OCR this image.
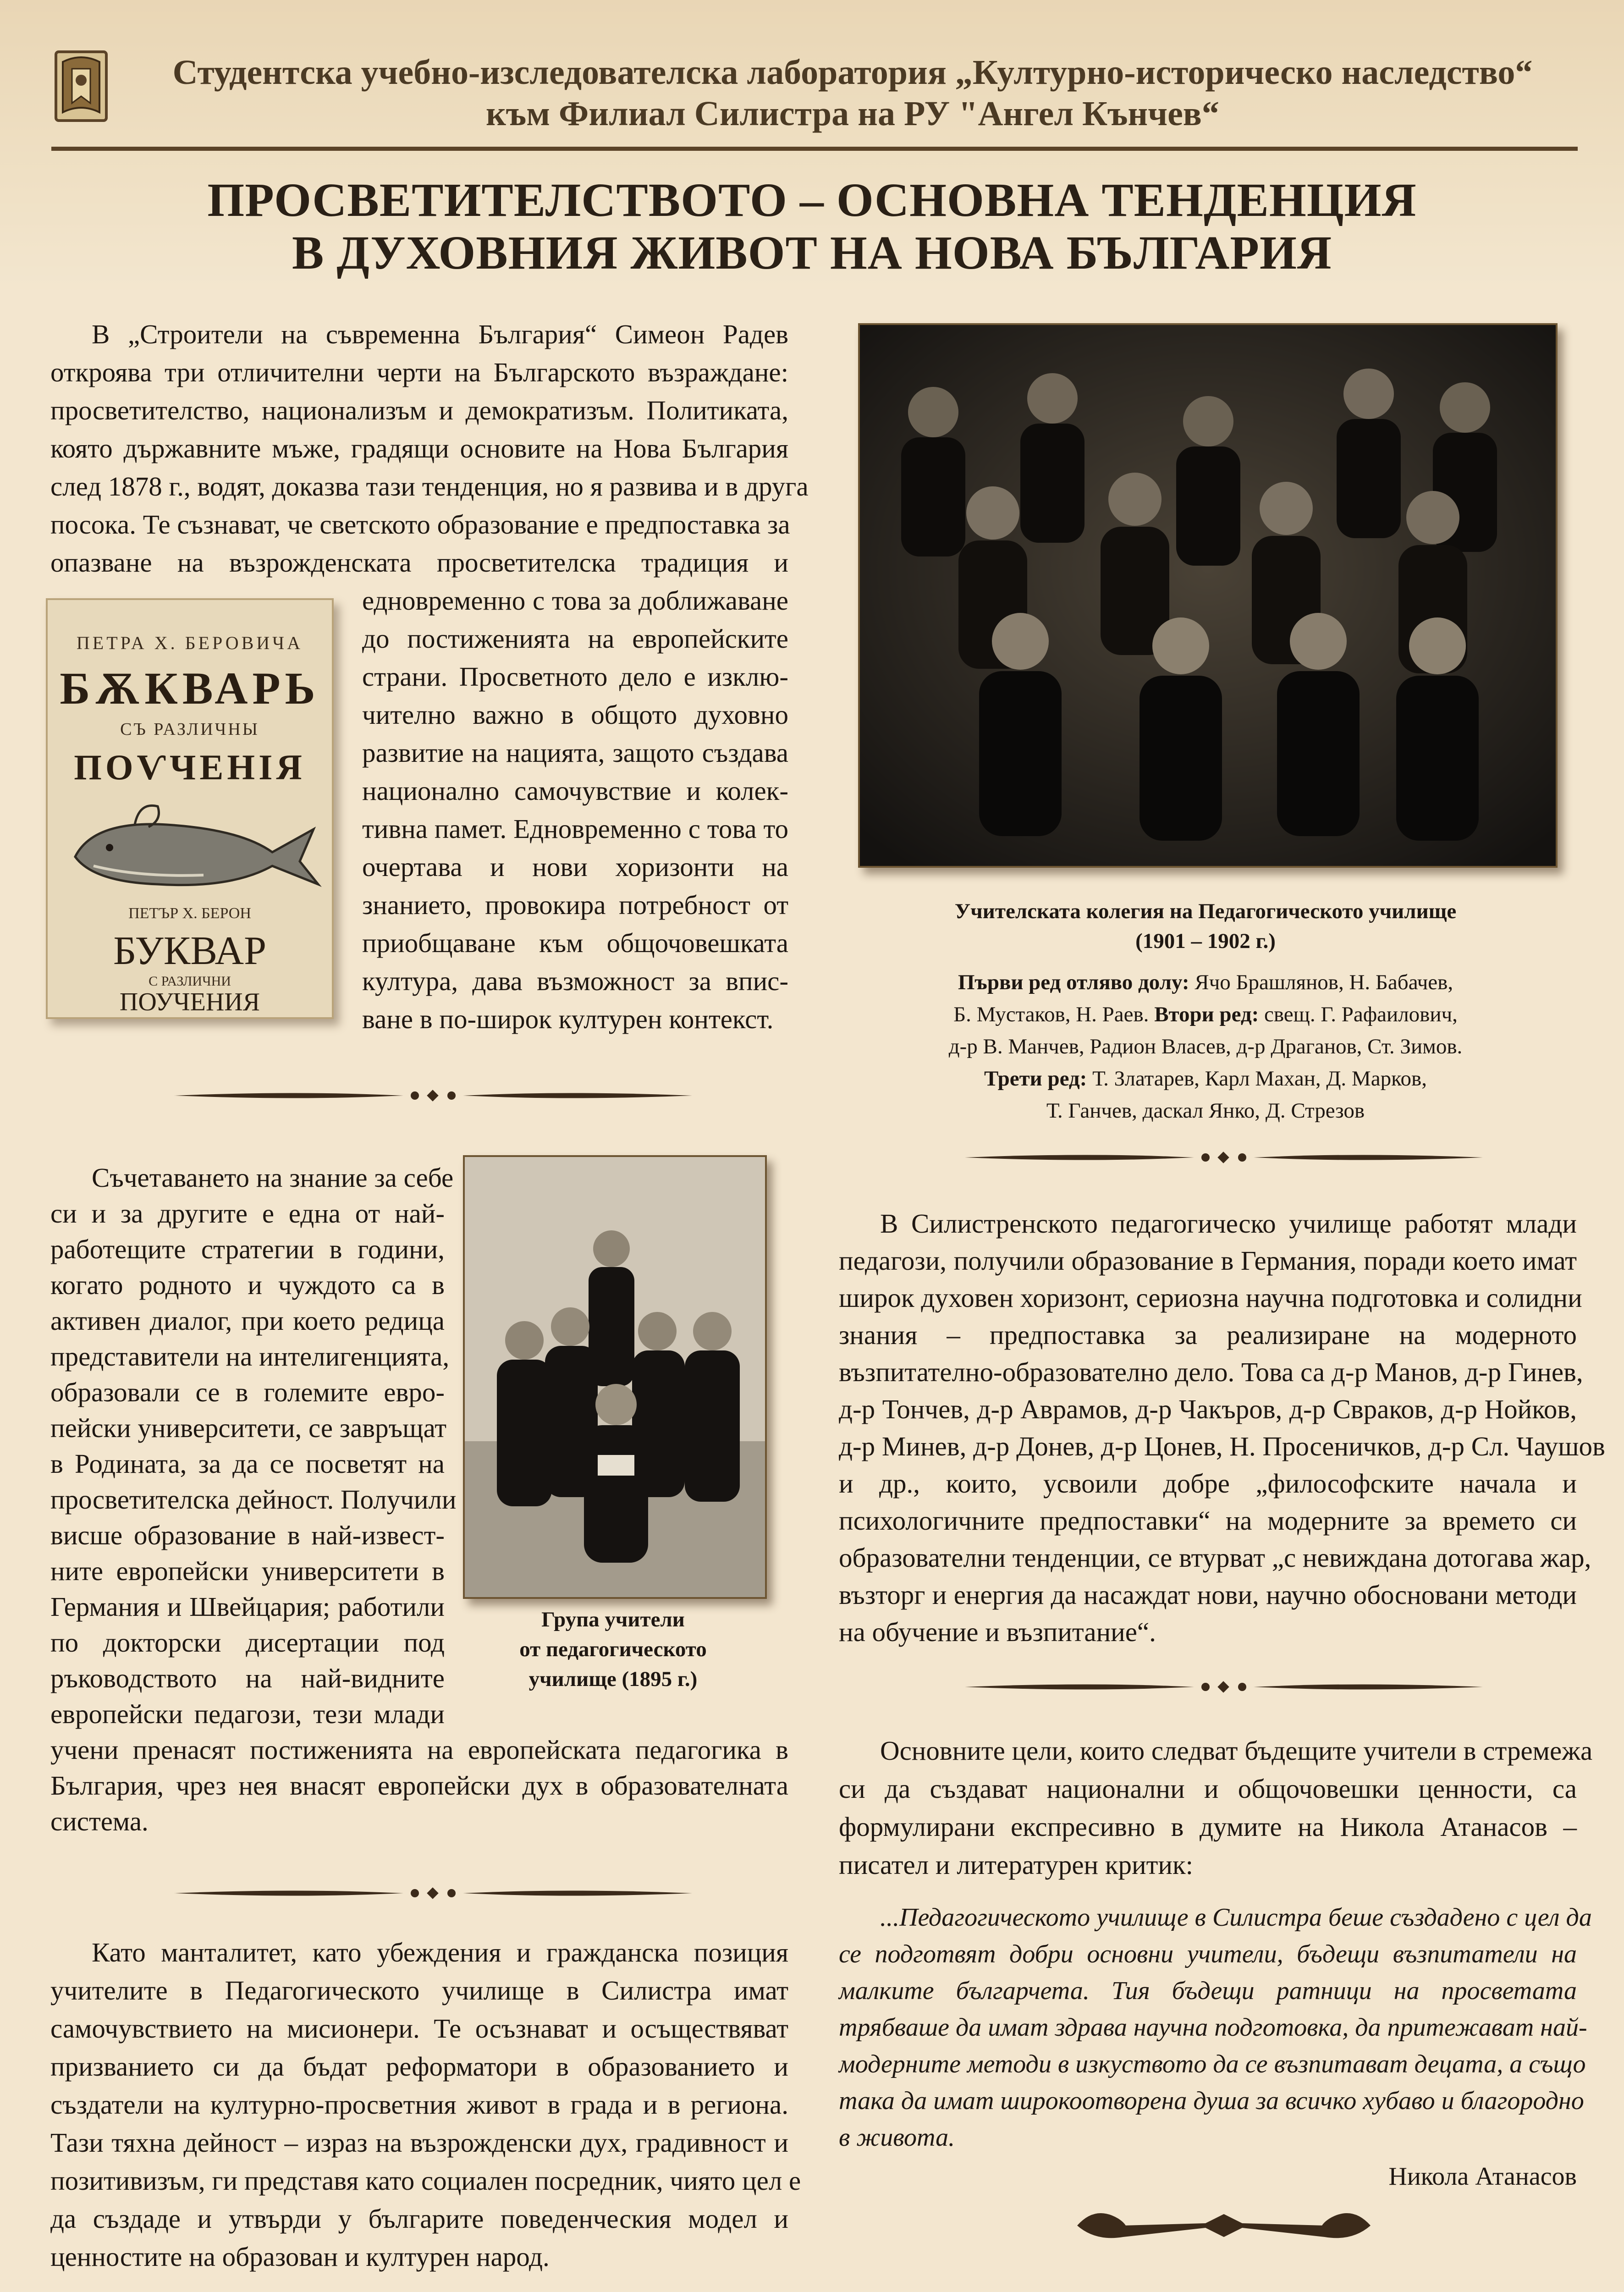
Студентска учебно-изследователска лаборатория „Културно-историческо наследство“
към Филиал Силистра на РУ "Ангел Кънчев“
ПРОСВЕТИТЕЛСТВОТО – ОСНОВНА ТЕНДЕНЦИЯ
В ДУХОВНИЯ ЖИВОТ НА НОВА БЪЛГАРИЯ
В „Строители на съвременна България“ Симеон Радев
откроява три отличителни черти на Българското възраждане:
просветителство, национализъм и демократизъм. Политиката,
която държавните мъже, градящи основите на Нова България
след 1878 г., водят, доказва тази тенденция, но я развива и в друга
посока. Те съзнават, че светското образование е предпоставка за
опазване на възрожденската просветителска традиция и
едновременно с това за доближаване
до постиженията на европейските
страни. Просветното дело е изклю-
чително важно в общото духовно
развитие на нацията, защото създава
национално самочувствие и колек-
тивна памет. Едновременно с това то
очертава и нови хоризонти на
знанието, провокира потребност от
приобщаване към общочовешката
култура, дава възможност за впис-
ване в по-широк културен контекст.
ПЕТРА Х. БЕРОВИЧА
БѪКВАРЬ
СЪ РАЗЛИЧНЫ
ПОѴЧЕНІЯ
ПЕТЪР Х. БЕРОН
БУКВАР
С РАЗЛИЧНИ
ПОУЧЕНИЯ
Учителската колегия на Педагогическото училище
(1901 – 1902 г.)
Първи ред отляво долу: Ячо Брашлянов, Н. Бабачев,
Б. Мустаков, Н. Раев. Втори ред: свещ. Г. Рафаилович,
д-р В. Манчев, Радион Власев, д-р Драганов, Ст. Зимов.
Трети ред: Т. Златарев, Карл Махан, Д. Марков,
Т. Ганчев, даскал Янко, Д. Стрезов
Съчетаването на знание за себе
си и за другите е една от най-
работещите стратегии в години,
когато родното и чуждото са в
активен диалог, при което редица
представители на интелигенцията,
образовали се в големите евро-
пейски университети, се завръщат
в Родината, за да се посветят на
просветителска дейност. Получили
висше образование в най-извест-
ните европейски университети в
Германия и Швейцария; работили
по докторски дисертации под
ръководството на най-видните
европейски педагози, тези млади
учени пренасят постиженията на европейската педагогика в
България, чрез нея внасят европейски дух в образователната
система.
Група учители
от педагогическото
училище (1895 г.)
В Силистренското педагогическо училище работят млади
педагози, получили образование в Германия, поради което имат
широк духовен хоризонт, сериозна научна подготовка и солидни
знания – предпоставка за реализиране на модерното
възпитателно-образователно дело. Това са д-р Манов, д-р Гинев,
д-р Тончев, д-р Аврамов, д-р Чакъров, д-р Свраков, д-р Нойков,
д-р Минев, д-р Донев, д-р Цонев, Н. Просеничков, д-р Сл. Чаушов
и др., които, усвоили добре „философските начала и
психологичните предпоставки“ на модерните за времето си
образователни тенденции, се втурват „с невиждана дотогава жар,
възторг и енергия да насаждат нови, научно обосновани методи
на обучение и възпитание“.
Като манталитет, като убеждения и гражданска позиция
учителите в Педагогическото училище в Силистра имат
самочувствието на мисионери. Те осъзнават и осъществяват
призванието си да бъдат реформатори в образованието и
създатели на културно-просветния живот в града и в региона.
Тази тяхна дейност – израз на възрожденски дух, градивност и
позитивизъм, ги представя като социален посредник, чиято цел е
да създаде и утвърди у българите поведенческия модел и
ценностите на образован и културен народ.
Основните цели, които следват бъдещите учители в стремежа
си да създават национални и общочовешки ценности, са
формулирани експресивно в думите на Никола Атанасов –
писател и литературен критик:
...Педагогическото училище в Силистра беше създадено с цел да
се подготвят добри основни учители, бъдещи възпитатели на
малките българчета. Тия бъдещи ратници на просветата
трябваше да имат здрава научна подготовка, да притежават най-
модерните методи в изкуството да се възпитават децата, а също
така да имат широкоотворена душа за всичко хубаво и благородно
в живота.
Никола Атанасов
